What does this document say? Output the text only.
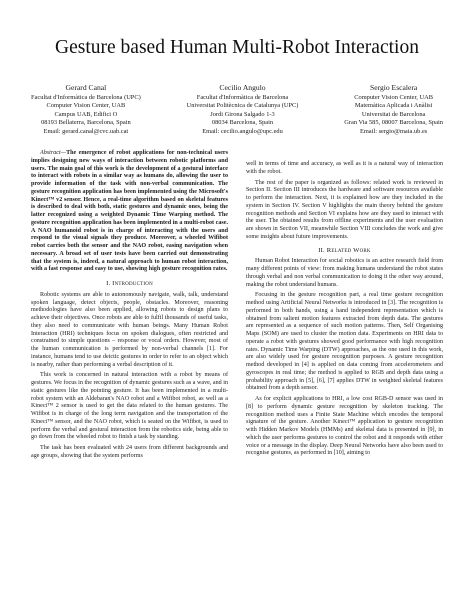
Gesture based Human Multi-Robot Interaction
Gerard Canal
Facultat d'Informàtica de Barcelona (UPC)
Computer Vision Center, UAB
Campus UAB, Edifici O
08193 Bellaterra, Barcelona, Spain
Email: gerard.canal@cvc.uab.cat
Cecilio Angulo
Facultat d'Informàtica de Barcelona
Universitat Politècnica de Catalunya (UPC)
Jordi Girona Salgado 1-3
08034 Barcelona, Spain
Email: cecilio.angulo@upc.edu
Sergio Escalera
Computer Vision Center, UAB
Matemàtica Aplicada i Anàlisi
Universitat de Barcelona
Gran Via 585, 08007 Barcelona, Spain
Email: sergio@maia.ub.es

Abstract—The emergence of robot applications for non-technical users implies designing new ways of interaction between robotic platforms and users. The main goal of this work is the development of a gestural interface to interact with robots in a similar way as humans do, allowing the user to provide information of the task with non-verbal communication. The gesture recognition application has been implemented using the Microsoft's Kinect™ v2 sensor. Hence, a real-time algorithm based on skeletal features is described to deal with both, static gestures and dynamic ones, being the latter recognized using a weighted Dynamic Time Warping method. The gesture recognition application has been implemented in a multi-robot case. A NAO humanoid robot is in charge of interacting with the users and respond to the visual signals they produce. Moreover, a wheeled Wifibot robot carries both the sensor and the NAO robot, easing navigation when necessary. A broad set of user tests have been carried out demonstrating that the system is, indeed, a natural approach to human robot interaction, with a fast response and easy to use, showing high gesture recognition rates.

I. Introduction

Robotic systems are able to autonomously navigate, walk, talk, understand spoken language, detect objects, people, obstacles. Moreover, reasoning methodologies have also been applied, allowing robots to design plans to achieve their objectives. Once robots are able to fulfil thousands of useful tasks, they also need to communicate with human beings. Many Human Robot Interaction (HRI) techniques focus on spoken dialogues, often restricted and constrained to simple questions – response or vocal orders. However, most of the human communication is performed by non-verbal channels [1]. For instance, humans tend to use deictic gestures in order to refer to an object which is nearby, rather than performing a verbal description of it.

This work is concerned in natural interaction with a robot by means of gestures. We focus in the recognition of dynamic gestures such as a wave, and in static gestures like the pointing gesture. It has been implemented in a multi-robot system with an Aldebaran's NAO robot and a Wifibot robot, as well as a Kinect™ 2 sensor is used to get the data related to the human gestures. The Wifibot is in charge of the long term navigation and the transportation of the Kinect™ sensor, and the NAO robot, which is seated on the Wifibot, is used to perform the verbal and gestural interaction from the robotics side, being able to go down from the wheeled robot to finish a task by standing.

The task has been evaluated with 24 users from different backgrounds and age groups, showing that the system performs

well in terms of time and accuracy, as well as it is a natural way of interaction with the robot.

The rest of the paper is organized as follows: related work is reviewed in Section II. Section III introduces the hardware and software resources available to perform the interaction. Next, it is explained how are they included in the system in Section IV. Section V highlights the main theory behind the gesture recognition methods and Section VI explains how are they used to interact with the user. The obtained results from offline experiments and the user evaluation are shown in Section VII, meanwhile Section VIII concludes the work and give some insights about future improvements.

II. Related Work

Human Robot Interaction for social robotics is an active research field from many different points of view: from making humans understand the robot states through verbal and non verbal communication to doing it the other way around, making the robot understand humans.

Focusing in the gesture recognition part, a real time gesture recognition method using Artificial Neural Networks is introduced in [3]. The recognition is performed in both hands, using a hand independent representation which is obtained from salient motion features extracted from depth data. The gestures are represented as a sequence of such motion patterns. Then, Self Organising Maps (SOM) are used to cluster the motion data. Experiments on HRI data to operate a robot with gestures showed good performance with high recognition rates. Dynamic Time Warping (DTW) approaches, as the one used in this work, are also widely used for gesture recognition purposes. A gesture recognition method developed in [4] is applied on data coming from accelerometers and gyroscopes in real time; the method is applied to RGB and depth data using a probability approach in [5], [6], [7] applies DTW in weighted skeletal features obtained from a depth sensor.

As for explicit applications to HRI, a low cost RGB-D sensor was used in [8] to perform dynamic gesture recognition by skeleton tracking. The recognition method uses a Finite State Machine which encodes the temporal signature of the gesture. Another Kinect™ application to gesture recognition with Hidden Markov Models (HMMs) and skeletal data is presented in [9], in which the user performs gestures to control the robot and it responds with either voice or a message in the display. Deep Neural Networks have also been used to recognise gestures, as performed in [10], aiming to
